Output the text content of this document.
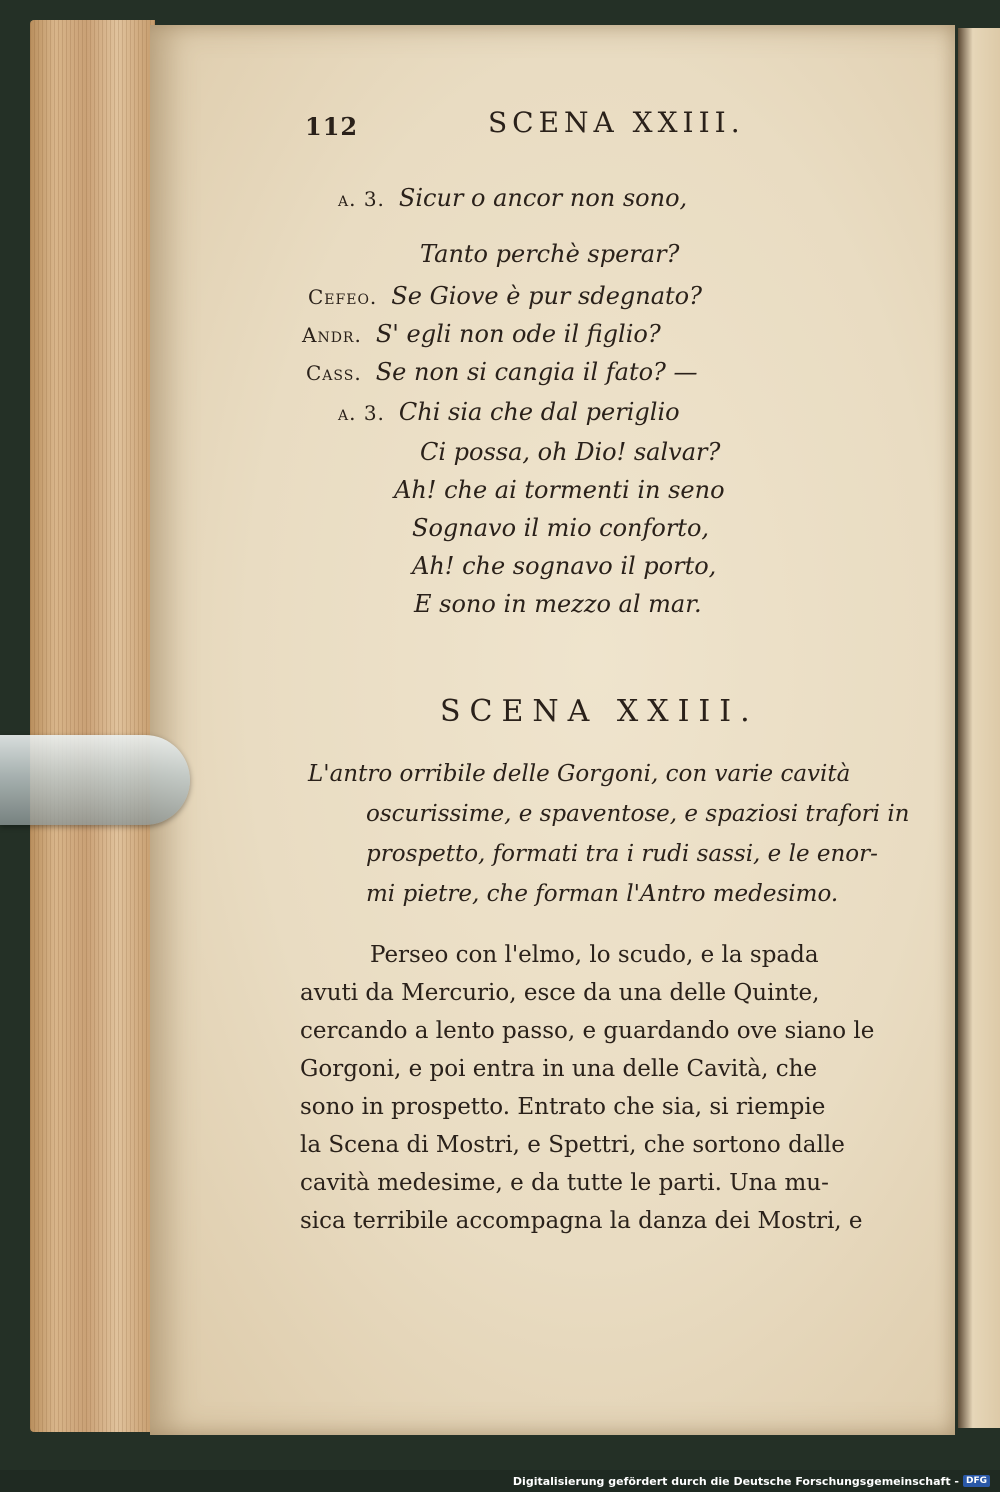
112	SCENA XXIII.
a. 3. Sicur o ancor non sono,
Tanto perchè sperar?
Cefeo. Se Giove è pur sdegnato?
Andr. S' egli non ode il figlio?
Cass. Se non si cangia il fato? —
a. 3. Chi sia che dal periglio
Ci possa, oh Dio! salvar?
Ah! che ai tormenti in seno
Sognavo il mio conforto,
Ah! che sognavo il porto,
E sono in mezzo al mar.
SCENA XXIII.
L'antro orribile delle Gorgoni, con varie cavità
oscurissime, e spaventose, e spaziosi trafori in
prospetto, formati tra i rudi sassi, e le enor-
mi pietre, che forman l'Antro medesimo.
Perseo con l'elmo, lo scudo, e la spada
avuti da Mercurio, esce da una delle Quinte,
cercando a lento passo, e guardando ove siano le
Gorgoni, e poi entra in una delle Cavità, che
sono in prospetto. Entrato che sia, si riempie
la Scena di Mostri, e Spettri, che sortono dalle
cavità medesime, e da tutte le parti. Una mu-
sica terribile accompagna la danza dei Mostri, e
Digitalisierung gefördert durch die Deutsche Forschungsgemeinschaft - DFG
